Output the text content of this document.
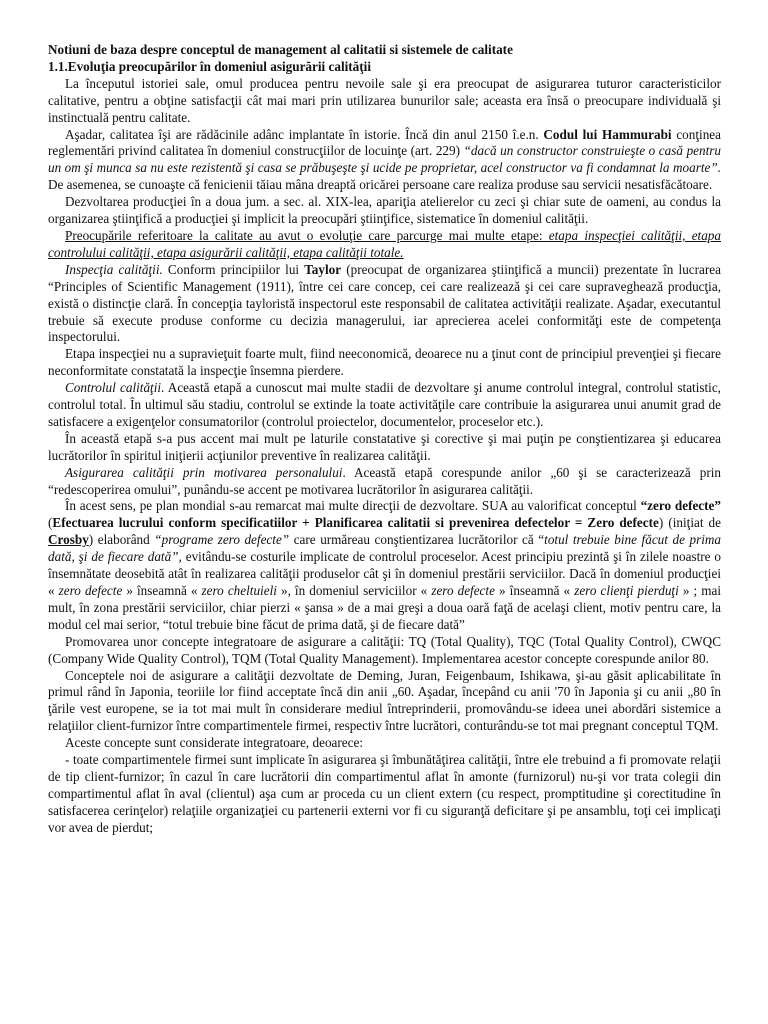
Notiuni de baza despre conceptul de management al calitatii si sistemele de calitate

1.1.Evoluţia preocupărilor în domeniul asigurării calităţii

La începutul istoriei sale, omul producea pentru nevoile sale şi era preocupat de asigurarea tuturor caracteristicilor calitative, pentru a obţine satisfacţii cât mai mari prin utilizarea bunurilor sale; aceasta era însă o preocupare individuală şi instinctuală pentru calitate.

Aşadar, calitatea îşi are rădăcinile adânc implantate în istorie. Încă din anul 2150 î.e.n. Codul lui Hammurabi conţinea reglementări privind calitatea în domeniul construcţiilor de locuinţe (art. 229) “dacă un constructor construieşte o casă pentru un om şi munca sa nu este rezistentă şi casa se prăbuşeşte şi ucide pe proprietar, acel constructor va fi condamnat la moarte”. De asemenea, se cunoaşte că fenicienii tăiau mâna dreaptă oricărei persoane care realiza produse sau servicii nesatisfăcătoare.

Dezvoltarea producţiei în a doua jum. a sec. al. XIX-lea, apariţia atelierelor cu zeci şi chiar sute de oameni, au condus la organizarea ştiinţifică a producţiei şi implicit la preocupări ştiinţifice, sistematice în domeniul calităţii.

Preocupările referitoare la calitate au avut o evoluţie care parcurge mai multe etape: etapa inspecţiei calităţii, etapa controlului calităţii, etapa asigurării calităţii, etapa calităţii totale.

Inspecţia calităţii. Conform principiilor lui Taylor (preocupat de organizarea ştiinţifică a muncii) prezentate în lucrarea “Principles of Scientific Management (1911), între cei care concep, cei care realizează şi cei care supraveghează producţia, există o distincţie clară. În concepţia tayloristă inspectorul este responsabil de calitatea activităţii realizate. Aşadar, executantul trebuie să execute produse conforme cu decizia managerului, iar aprecierea acelei conformităţi este de competenţa inspectorului.

Etapa inspecţiei nu a supravieţuit foarte mult, fiind neeconomică, deoarece nu a ţinut cont de principiul prevenţiei şi fiecare neconformitate constatată la inspecţie însemna pierdere.

Controlul calităţii. Această etapă a cunoscut mai multe stadii de dezvoltare şi anume controlul integral, controlul statistic, controlul total. În ultimul său stadiu, controlul se extinde la toate activităţile care contribuie la asigurarea unui anumit grad de satisfacere a exigenţelor consumatorilor (controlul proiectelor, documentelor, proceselor etc.).

În această etapă s-a pus accent mai mult pe laturile constatative şi corective şi mai puţin pe conştientizarea şi educarea lucrătorilor în spiritul iniţierii acţiunilor preventive în realizarea calităţii.

Asigurarea calităţii prin motivarea personalului. Această etapă corespunde anilor „60 şi se caracterizează prin “redescoperirea omului”, punându-se accent pe motivarea lucrătorilor în asigurarea calităţii.

În acest sens, pe plan mondial s-au remarcat mai multe direcţii de dezvoltare. SUA au valorificat conceptul “zero defecte” (Efectuarea lucrului conform specificatiilor + Planificarea calitatii si prevenirea defectelor = Zero defecte) (iniţiat de Crosby) elaborând “programe zero defecte” care urmăreau conştientizarea lucrătorilor că “totul trebuie bine făcut de prima dată, şi de fiecare dată”, evitându-se costurile implicate de controlul proceselor. Acest principiu prezintă şi în zilele noastre o însemnătate deosebită atât în realizarea calităţii produselor cât şi în domeniul prestării serviciilor. Dacă în domeniul producţiei « zero defecte » înseamnă « zero cheltuieli », în domeniul serviciilor « zero defecte » înseamnă « zero clienţi pierduţi » ; mai mult, în zona prestării serviciilor, chiar pierzi « şansa » de a mai greşi a doua oară faţă de acelaşi client, motiv pentru care, la modul cel mai serior, “totul trebuie bine făcut de prima dată, şi de fiecare dată”

Promovarea unor concepte integratoare de asigurare a calităţii: TQ (Total Quality), TQC (Total Quality Control), CWQC (Company Wide Quality Control), TQM (Total Quality Management). Implementarea acestor concepte corespunde anilor 80.

Conceptele noi de asigurare a calităţii dezvoltate de Deming, Juran, Feigenbaum, Ishikawa, şi-au găsit aplicabilitate în primul rând în Japonia, teoriile lor fiind acceptate încă din anii „60. Aşadar, începând cu anii '70 în Japonia şi cu anii „80 în ţările vest europene, se ia tot mai mult în considerare mediul întreprinderii, promovându-se ideea unei abordări sistemice a relaţiilor client-furnizor între compartimentele firmei, respectiv între lucrători, conturându-se tot mai pregnant conceptul TQM.

Aceste concepte sunt considerate integratoare, deoarece:

- toate compartimentele firmei sunt implicate în asigurarea şi îmbunătăţirea calităţii, între ele trebuind a fi promovate relaţii de tip client-furnizor; în cazul în care lucrătorii din compartimentul aflat în amonte (furnizorul) nu-şi vor trata colegii din compartimentul aflat în aval (clientul) aşa cum ar proceda cu un client extern (cu respect, promptitudine şi corectitudine în satisfacerea cerinţelor) relaţiile organizaţiei cu partenerii externi vor fi cu siguranţă deficitare şi pe ansamblu, toţi cei implicaţi vor avea de pierdut;
